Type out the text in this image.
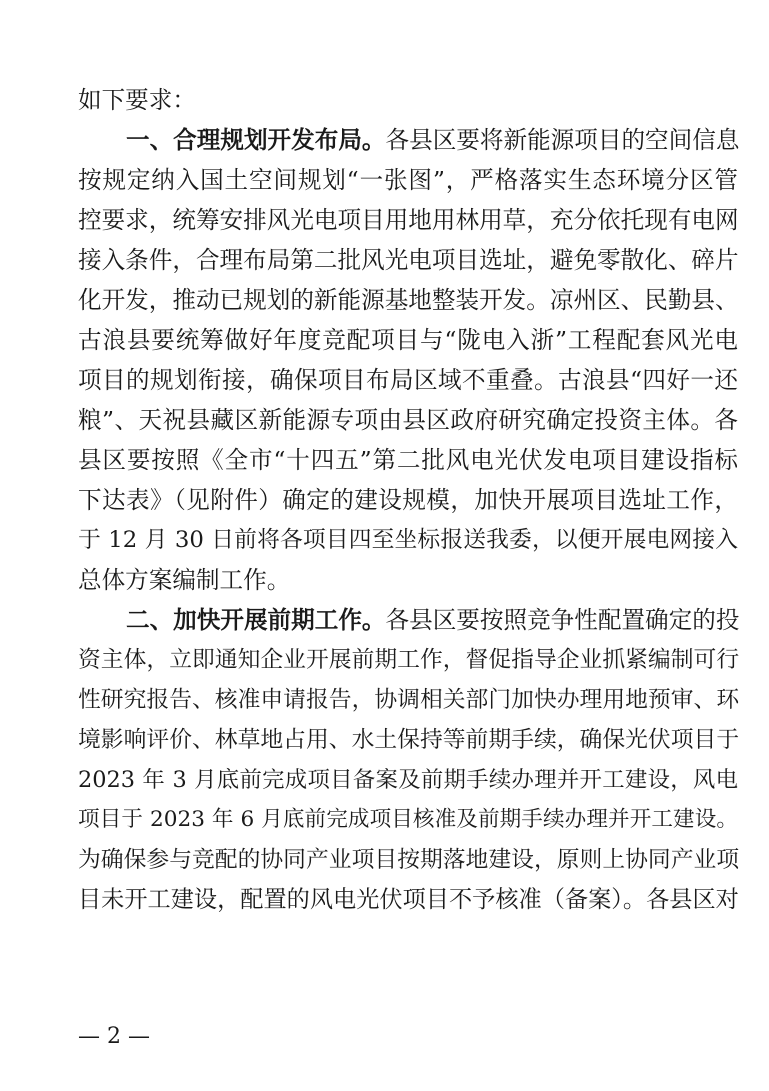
如下要求：
一、合理规划开发布局。各县区要将新能源项目的空间信息
按规定纳入国土空间规划“一张图”，严格落实生态环境分区管
控要求，统筹安排风光电项目用地用林用草，充分依托现有电网
接入条件，合理布局第二批风光电项目选址，避免零散化、碎片
化开发，推动已规划的新能源基地整装开发。凉州区、民勤县、
古浪县要统筹做好年度竞配项目与“陇电入浙”工程配套风光电
项目的规划衔接，确保项目布局区域不重叠。古浪县“四好一还
粮”、天祝县藏区新能源专项由县区政府研究确定投资主体。各
县区要按照《全市“十四五”第二批风电光伏发电项目建设指标
下达表》（见附件）确定的建设规模，加快开展项目选址工作，
于 12 月 30 日前将各项目四至坐标报送我委，以便开展电网接入
总体方案编制工作。
二、加快开展前期工作。各县区要按照竞争性配置确定的投
资主体，立即通知企业开展前期工作，督促指导企业抓紧编制可行
性研究报告、核准申请报告，协调相关部门加快办理用地预审、环
境影响评价、林草地占用、水土保持等前期手续，确保光伏项目于
2023 年 3 月底前完成项目备案及前期手续办理并开工建设，风电
项目于 2023 年 6 月底前完成项目核准及前期手续办理并开工建设。
为确保参与竞配的协同产业项目按期落地建设，原则上协同产业项
目未开工建设，配置的风电光伏项目不予核准（备案）。各县区对
— 2 —
